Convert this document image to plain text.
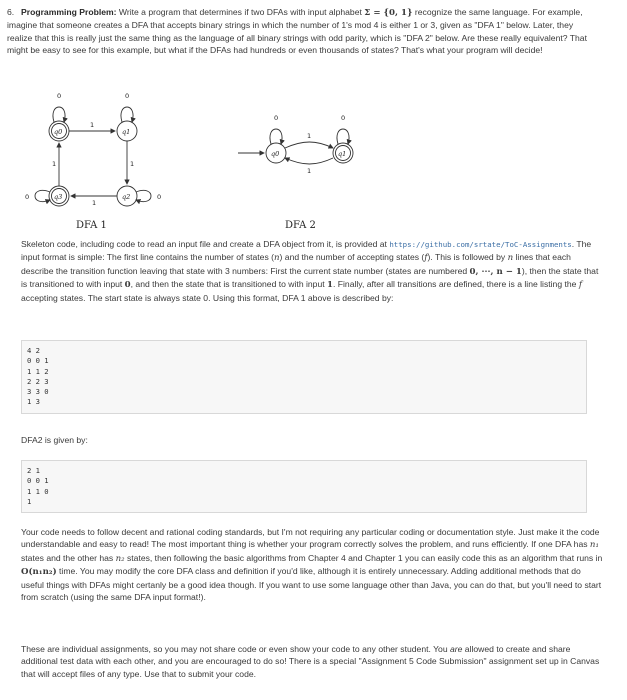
6. Programming Problem: Write a program that determines if two DFAs with input alphabet Σ = {0, 1} recognize the same language. For example, imagine that someone creates a DFA that accepts binary strings in which the number of 1's mod 4 is either 1 or 3, given as "DFA 1" below. Later, they realize that this is really just the same thing as the language of all binary strings with odd parity, which is "DFA 2" below. Are these really equivalent? That might be easy to see for this example, but what if the DFAs had hundreds or even thousands of states? That's what your program will decide!
q0	q1
q2
q3
0	0
0
0
1
1
1
1
q0	q1
0	0
1
1
DFA 1	DFA 2
Skeleton code, including code to read an input file and create a DFA object from it, is provided at https://github.com/srtate/ToC-Assignments. The input format is simple: The first line contains the number of states (n) and the number of accepting states (f). This is followed by n lines that each describe the transition function leaving that state with 3 numbers: First the current state number (states are numbered 0, ···, n − 1), then the state that is transitioned to with input 0, and then the state that is transitioned to with input 1. Finally, after all transitions are defined, there is a line listing the f accepting states. The start state is always state 0. Using this format, DFA 1 above is described by:
4 2
0 0 1
1 1 2
2 2 3
3 3 0
1 3
DFA2 is given by:
2 1
0 0 1
1 1 0
1
Your code needs to follow decent and rational coding standards, but I'm not requiring any particular coding or documentation style. Just make it the code understandable and easy to read! The most important thing is whether your program correctly solves the problem, and runs efficiently. If one DFA has n₁ states and the other has n₂ states, then following the basic algorithms from Chapter 4 and Chapter 1 you can easily code this as an algorithm that runs in O(n₁n₂) time. You may modify the core DFA class and definition if you'd like, although it is entirely unnecessary. Adding additional methods that do useful things with DFAs might certanly be a good idea though. If you want to use some language other than Java, you can do that, but you'll need to start from scratch (using the same DFA input format!).
These are individual assignments, so you may not share code or even show your code to any other student. You are allowed to create and share additional test data with each other, and you are encouraged to do so! There is a special "Assignment 5 Code Submission" assignment set up in Canvas that will accept files of any type. Use that to submit your code.
